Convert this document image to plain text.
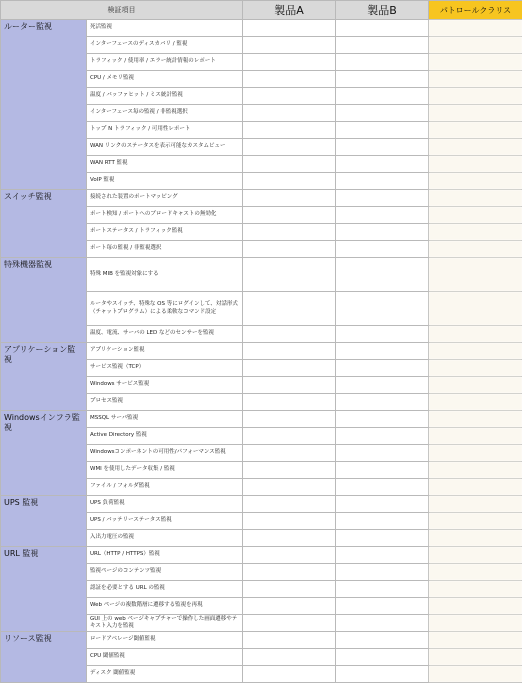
検証項目		製品A	製品B	パトロールクラリス
ルーター監視	死活監視			
	インターフェースのディスカバリ / 監視			
	トラフィック / 使用率 / エラー統計情報のレポート			
	CPU / メモリ監視			
	温度 / バッファヒット / ミス統計監視			
	インターフェース毎の監視 / 非監視選択			
	トップ N トラフィック / 可用性レポート			
	WAN リンクのステータスを表示可能なカスタムビュー			
	WAN RTT 監視			
	VoIP 監視			
スイッチ監視	接続された装置のポートマッピング			
	ポート検知 / ポートへのブロードキャストの無効化			
	ポートステータス / トラフィック監視			
	ポート毎の監視 / 非監視選択			
特殊機器監視	特殊 MIB を監視対象にする			
	ルータやスイッチ、特殊な OS 等にログインして、対話形式（チャットプログラム）による柔軟なコマンド設定			
	温度、電流、サーバの LED などのセンサーを監視			
アプリケーション監視	アプリケーション監視			
	サービス監視（TCP）			
	Windows サービス監視			
	プロセス監視			
Windowsインフラ監視	MSSQL サーバ監視			
	Active Directory 監視			
	Windowsコンポーネントの可用性/パフォーマンス監視			
	WMI を使用したデータ収集 / 監視			
	ファイル / フォルダ監視			
UPS 監視	UPS 負荷監視			
	UPS / バッテリーステータス監視			
	入出力電圧の監視			
URL 監視	URL（HTTP / HTTPS）監視			
	監視ページのコンテンツ監視			
	認証を必要とする URL の監視			
	Web ページの複数階層に遷移する監視を再現			
	GUI 上の web ページキャプチャーで操作した画面遷移やテキスト入力を監視			
リソース監視	ロードアベレージ閾値監視			
	CPU 閾値監視			
	ディスク 閾値監視			
